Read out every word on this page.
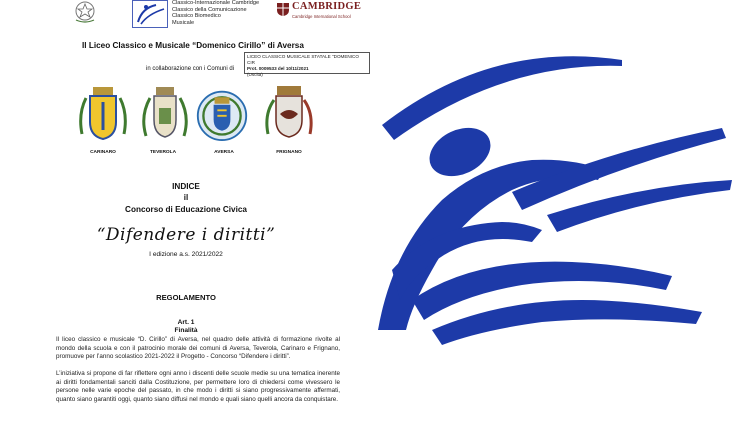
Classico-Internazionale Cambridge
Classico della Comunicazione
Classico Biomedico
Musicale
CAMBRIDGE
Cambridge International School
Il Liceo Classico e Musicale “Domenico Cirillo” di Aversa
LICEO CLASSICO MUSICALE STATALE "DOMENICO CIR
Prot. 0009533 del 10/11/2021
(Uscita)
in collaborazione con i Comuni di
CARINARO	TEVEROLA	AVERSA	FRIGNANO
INDICE
il
Concorso di Educazione Civica
“Difendere i diritti”
I edizione a.s. 2021/2022
REGOLAMENTO
Art. 1
Finalità
Il liceo classico e musicale “D. Cirillo” di Aversa, nel quadro delle attività di formazione rivolte al mondo della scuola e con il patrocinio morale dei comuni di Aversa, Teverola, Carinaro e Frignano, promuove per l’anno scolastico 2021-2022 il Progetto - Concorso “Difendere i diritti”.
L’iniziativa si propone di far riflettere ogni anno i discenti delle scuole medie su una tematica inerente ai diritti fondamentali sanciti dalla Costituzione, per permettere loro di chiedersi come vivessero le persone nelle varie epoche del passato, in che modo i diritti si siano progressivamente affermati, quanto siano garantiti oggi, quanto siano diffusi nel mondo e quali siano quelli ancora da conquistare.
